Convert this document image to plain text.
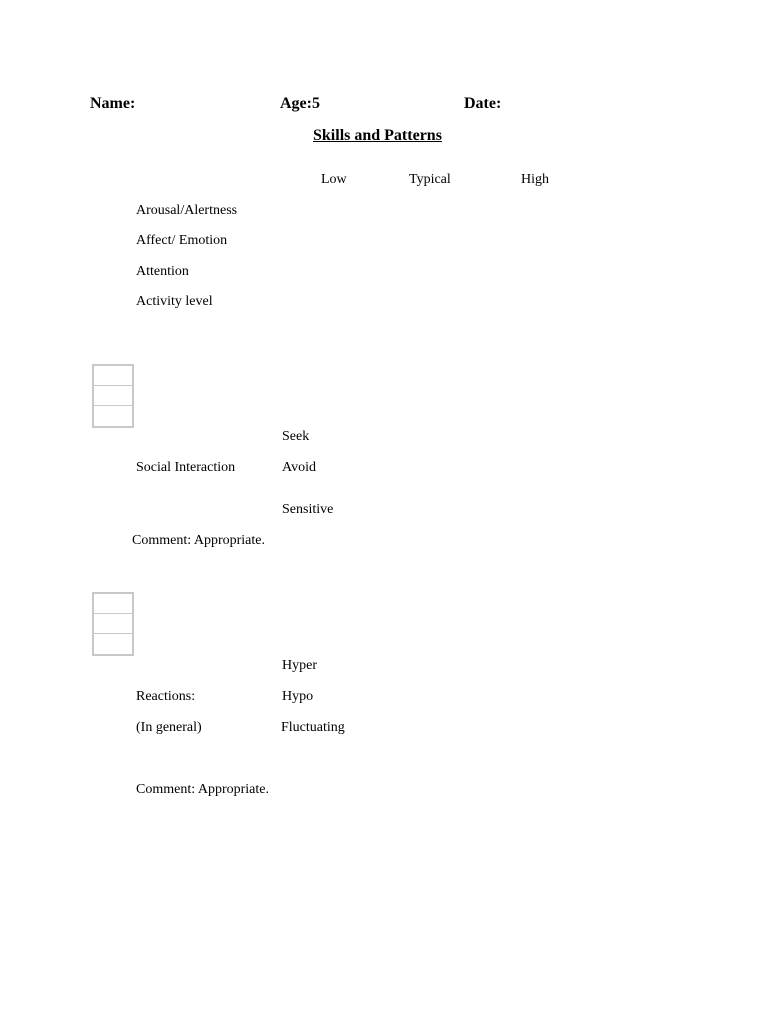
Name:	Age:5	Date:
Skills and Patterns
Low	Typical	High
Arousal/Alertness
Affect/ Emotion
Attention
Activity level
Seek
Social Interaction	Avoid
Sensitive
Comment: Appropriate.
Hyper
Reactions:	Hypo
(In general)	Fluctuating
Comment: Appropriate.
